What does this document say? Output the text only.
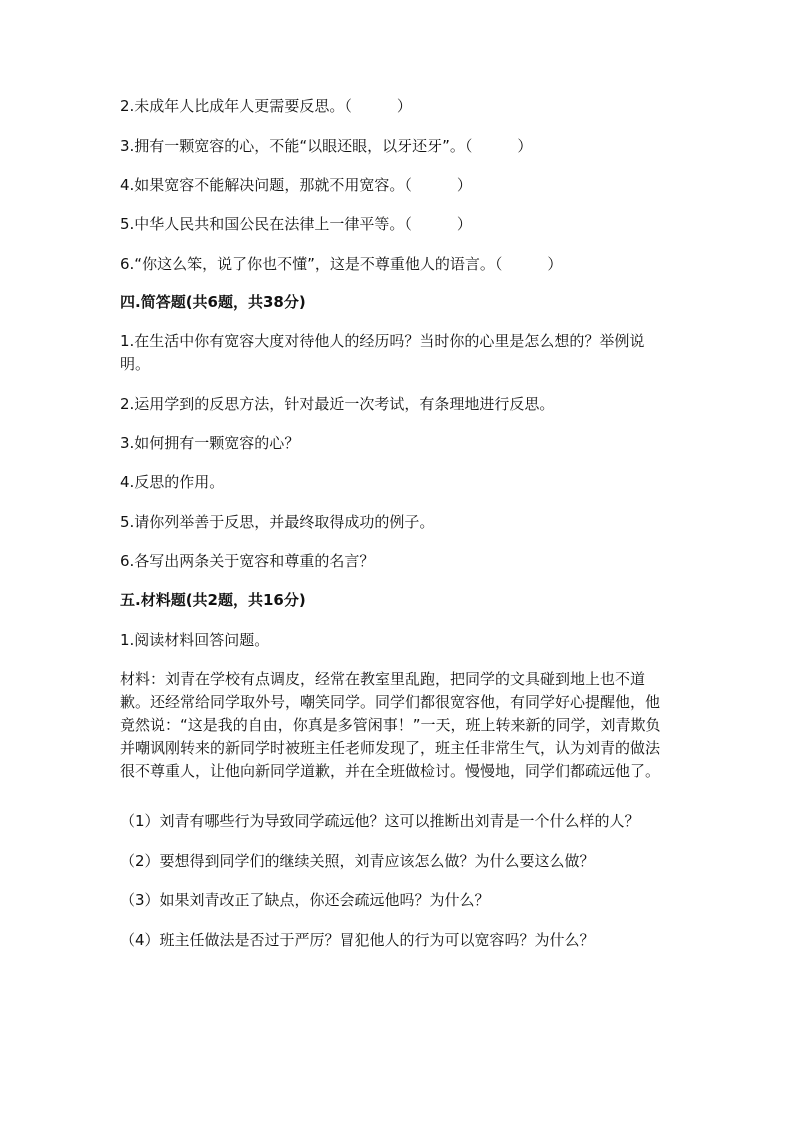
2.未成年人比成年人更需要反思。（　　　）
3.拥有一颗宽容的心，不能“以眼还眼，以牙还牙”。（　　　）
4.如果宽容不能解决问题，那就不用宽容。（　　　）
5.中华人民共和国公民在法律上一律平等。（　　　）
6.“你这么笨，说了你也不懂”，这是不尊重他人的语言。（　　　）
四.简答题(共6题，共38分)
1.在生活中你有宽容大度对待他人的经历吗？当时你的心里是怎么想的？举例说明。
2.运用学到的反思方法，针对最近一次考试，有条理地进行反思。
3.如何拥有一颗宽容的心？
4.反思的作用。
5.请你列举善于反思，并最终取得成功的例子。
6.各写出两条关于宽容和尊重的名言？
五.材料题(共2题，共16分)
1.阅读材料回答问题。
材料：刘青在学校有点调皮，经常在教室里乱跑，把同学的文具碰到地上也不道歉。还经常给同学取外号，嘲笑同学。同学们都很宽容他，有同学好心提醒他，他竟然说：“这是我的自由，你真是多管闲事！”一天，班上转来新的同学，刘青欺负并嘲讽刚转来的新同学时被班主任老师发现了，班主任非常生气，认为刘青的做法很不尊重人，让他向新同学道歉，并在全班做检讨。慢慢地，同学们都疏远他了。
（1）刘青有哪些行为导致同学疏远他？这可以推断出刘青是一个什么样的人？
（2）要想得到同学们的继续关照，刘青应该怎么做？为什么要这么做？
（3）如果刘青改正了缺点，你还会疏远他吗？为什么？
（4）班主任做法是否过于严厉？冒犯他人的行为可以宽容吗？为什么？
